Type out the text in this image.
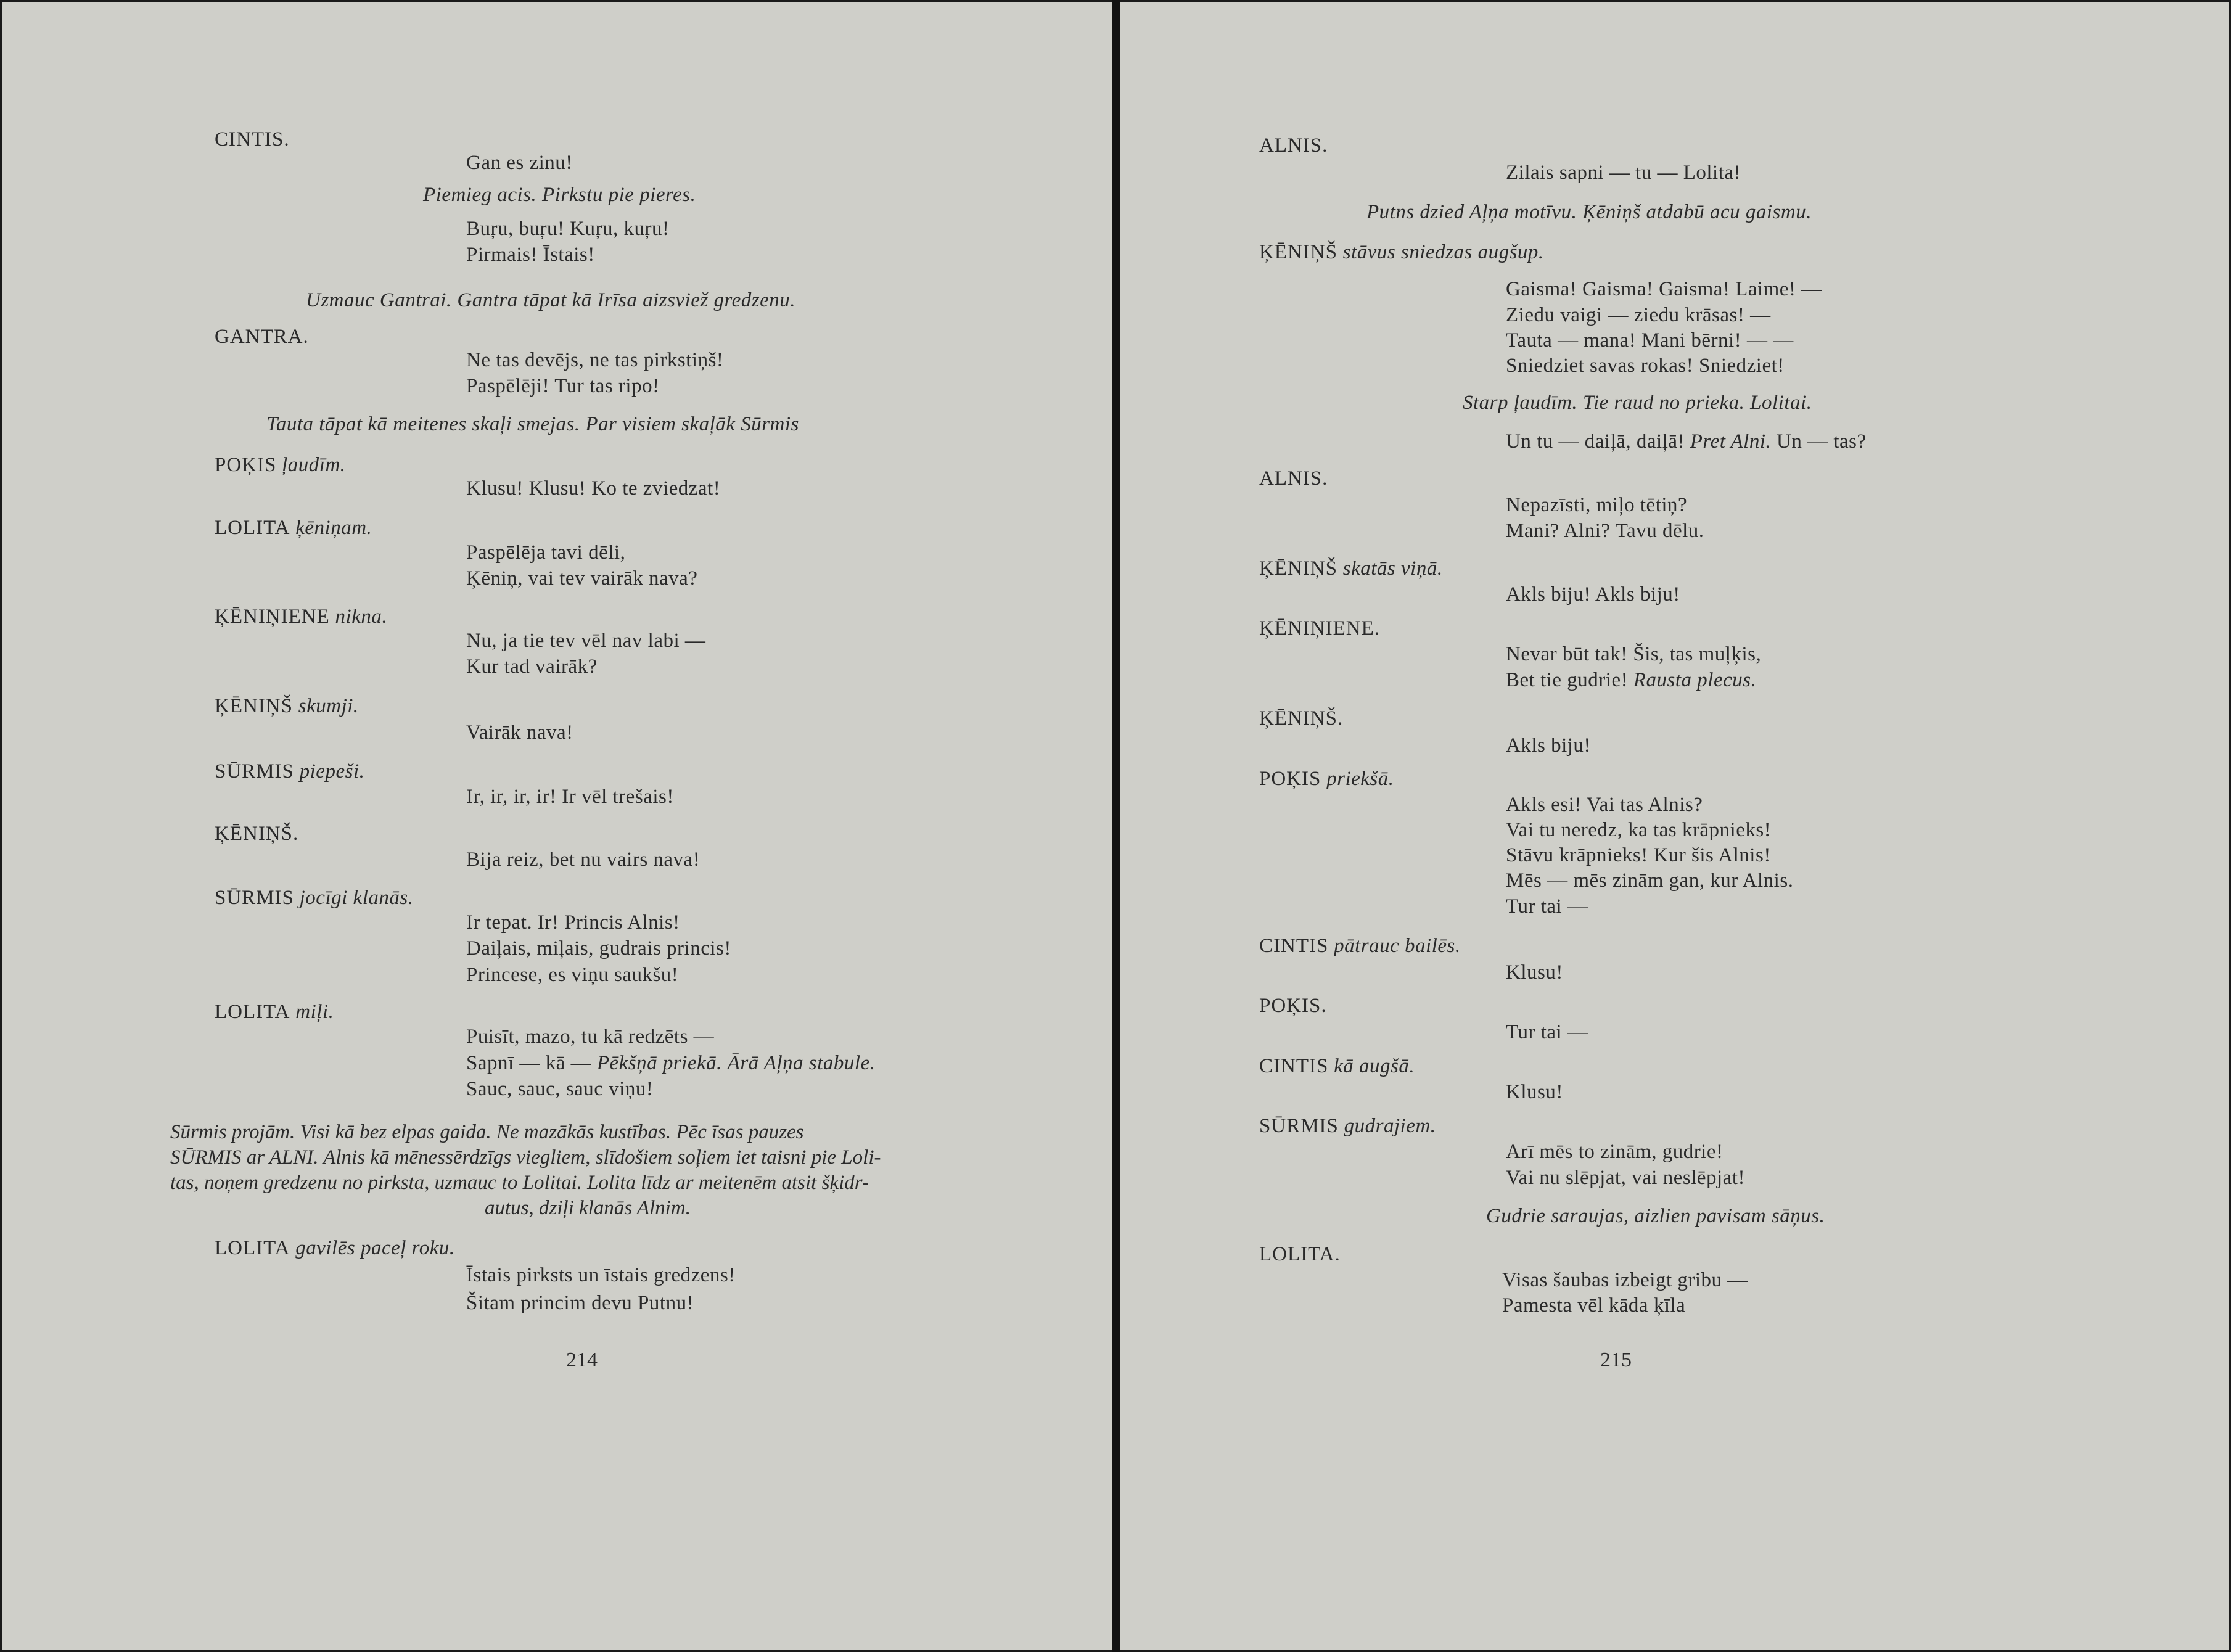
CINTIS.
Gan es zinu!
Piemieg acis. Pirkstu pie pieres.
Buŗu, buŗu! Kuŗu, kuŗu!
Pirmais! Īstais!
Uzmauc Gantrai. Gantra tāpat kā Irīsa aizsviež gredzenu.
GANTRA.
Ne tas devējs, ne tas pirkstiņš!
Paspēlēji! Tur tas ripo!
Tauta tāpat kā meitenes skaļi smejas. Par visiem skaļāk Sūrmis
POĶIS ļaudīm.
Klusu! Klusu! Ko te zviedzat!
LOLITA ķēniņam.
Paspēlēja tavi dēli,
Ķēniņ, vai tev vairāk nava?
ĶĒNIŅIENE nikna.
Nu, ja tie tev vēl nav labi —
Kur tad vairāk?
ĶĒNIŅŠ skumji.
Vairāk nava!
SŪRMIS piepeši.
Ir, ir, ir, ir! Ir vēl trešais!
ĶĒNIŅŠ.
Bija reiz, bet nu vairs nava!
SŪRMIS jocīgi klanās.
Ir tepat. Ir! Princis Alnis!
Daiļais, miļais, gudrais princis!
Princese, es viņu saukšu!
LOLITA miļi.
Puisīt, mazo, tu kā redzēts —
Sapnī — kā — Pēkšņā priekā. Ārā Aļņa stabule.
Sauc, sauc, sauc viņu!
Sūrmis projām. Visi kā bez elpas gaida. Ne mazākās kustības. Pēc īsas pauzes
SŪRMIS ar ALNI. Alnis kā mēnessērdzīgs viegliem, slīdošiem soļiem iet taisni pie Loli-
tas, noņem gredzenu no pirksta, uzmauc to Lolitai. Lolita līdz ar meitenēm atsit šķidr-
autus, dziļi klanās Alnim.
LOLITA gavilēs paceļ roku.
Īstais pirksts un īstais gredzens!
Šitam princim devu Putnu!
214
ALNIS.
Zilais sapni — tu — Lolita!
Putns dzied Aļņa motīvu. Ķēniņš atdabū acu gaismu.
ĶĒNIŅŠ stāvus sniedzas augšup.
Gaisma! Gaisma! Gaisma! Laime! —
Ziedu vaigi — ziedu krāsas! —
Tauta — mana! Mani bērni! — —
Sniedziet savas rokas! Sniedziet!
Starp ļaudīm. Tie raud no prieka. Lolitai.
Un tu — daiļā, daiļā! Pret Alni. Un — tas?
ALNIS.
Nepazīsti, miļo tētiņ?
Mani? Alni? Tavu dēlu.
ĶĒNIŅŠ skatās viņā.
Akls biju! Akls biju!
ĶĒNIŅIENE.
Nevar būt tak! Šis, tas muļķis,
Bet tie gudrie! Rausta plecus.
ĶĒNIŅŠ.
Akls biju!
POĶIS priekšā.
Akls esi! Vai tas Alnis?
Vai tu neredz, ka tas krāpnieks!
Stāvu krāpnieks! Kur šis Alnis!
Mēs — mēs zinām gan, kur Alnis.
Tur tai —
CINTIS pātrauc bailēs.
Klusu!
POĶIS.
Tur tai —
CINTIS kā augšā.
Klusu!
SŪRMIS gudrajiem.
Arī mēs to zinām, gudrie!
Vai nu slēpjat, vai neslēpjat!
Gudrie saraujas, aizlien pavisam sāņus.
LOLITA.
Visas šaubas izbeigt gribu —
Pamesta vēl kāda ķīla
215
